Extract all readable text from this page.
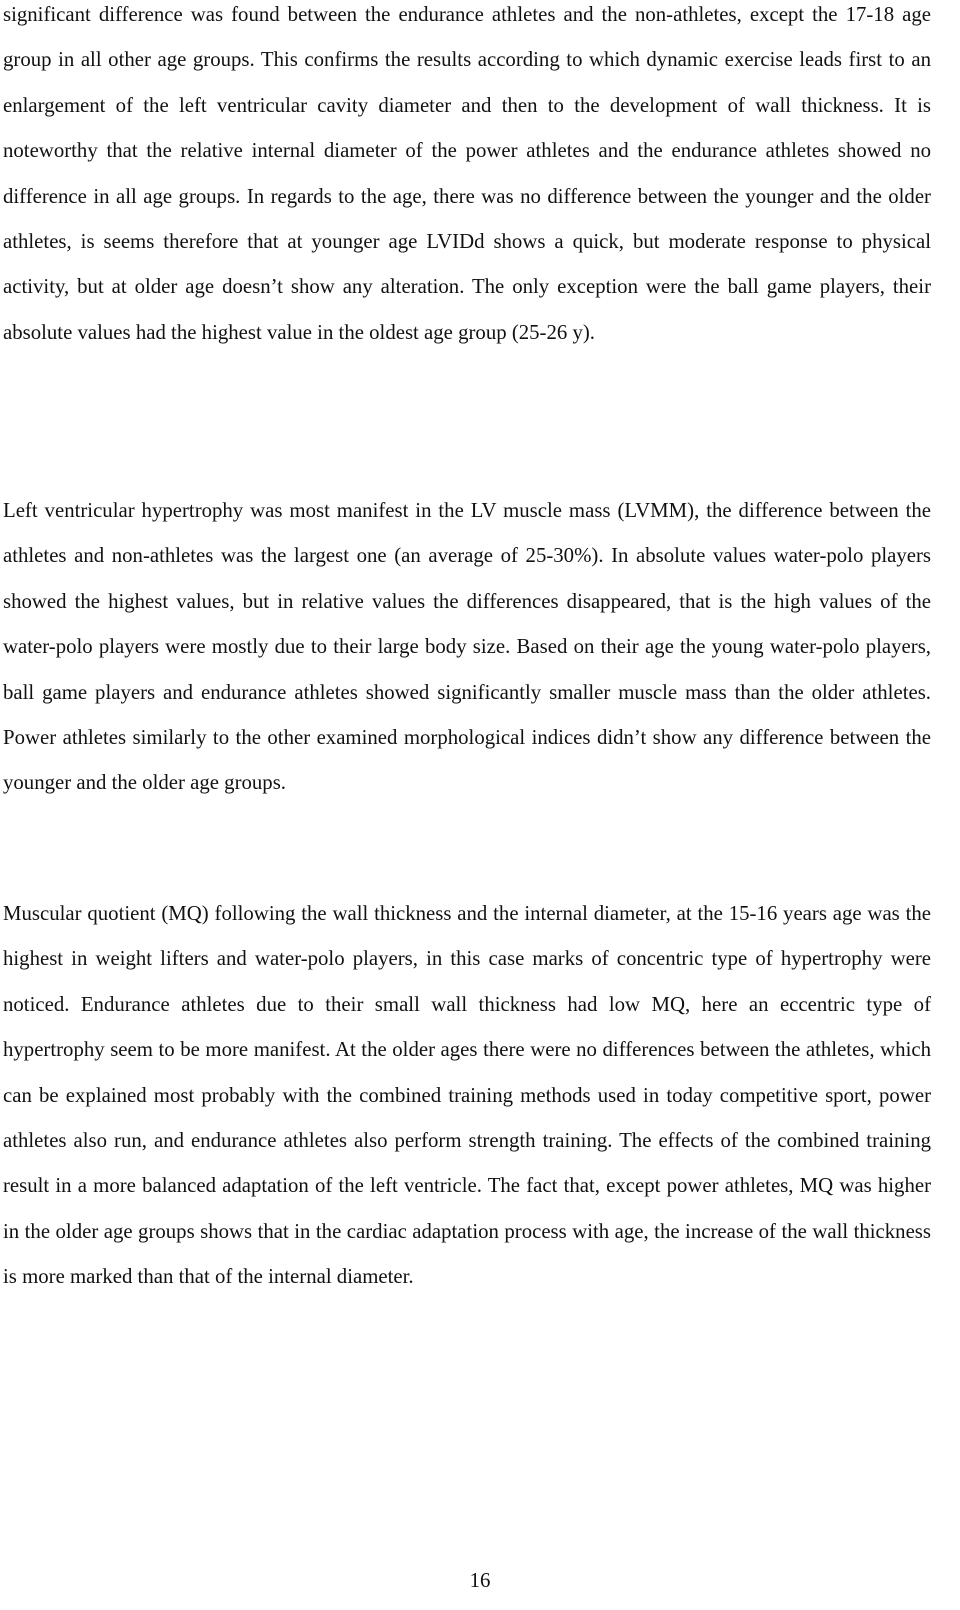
significant difference was found between the endurance athletes and the non-athletes, except the 17-18 age group in all other age groups. This confirms the results according to which dynamic exercise leads first to an enlargement of the left ventricular cavity diameter and then to the development of wall thickness. It is noteworthy that the relative internal diameter of the power athletes and the endurance athletes showed no difference in all age groups. In regards to the age, there was no difference between the younger and the older athletes, is seems therefore that at younger age LVIDd shows a quick, but moderate response to physical activity, but at older age doesn’t show any alteration. The only exception were the ball game players, their absolute values had the highest value in the oldest age group (25-26 y).

Left ventricular hypertrophy was most manifest in the LV muscle mass (LVMM), the difference between the athletes and non-athletes was the largest one (an average of 25-30%). In absolute values water-polo players showed the highest values, but in relative values the differences disappeared, that is the high values of the water-polo players were mostly due to their large body size. Based on their age the young water-polo players, ball game players and endurance athletes showed significantly smaller muscle mass than the older athletes. Power athletes similarly to the other examined morphological indices didn’t show any difference between the younger and the older age groups.

Muscular quotient (MQ) following the wall thickness and the internal diameter, at the 15-16 years age was the highest in weight lifters and water-polo players, in this case marks of concentric type of hypertrophy were noticed. Endurance athletes due to their small wall thickness had low MQ, here an eccentric type of hypertrophy seem to be more manifest. At the older ages there were no differences between the athletes, which can be explained most probably with the combined training methods used in today competitive sport, power athletes also run, and endurance athletes also perform strength training. The effects of the combined training result in a more balanced adaptation of the left ventricle. The fact that, except power athletes, MQ was higher in the older age groups shows that in the cardiac adaptation process with age, the increase of the wall thickness is more marked than that of the internal diameter.

16
